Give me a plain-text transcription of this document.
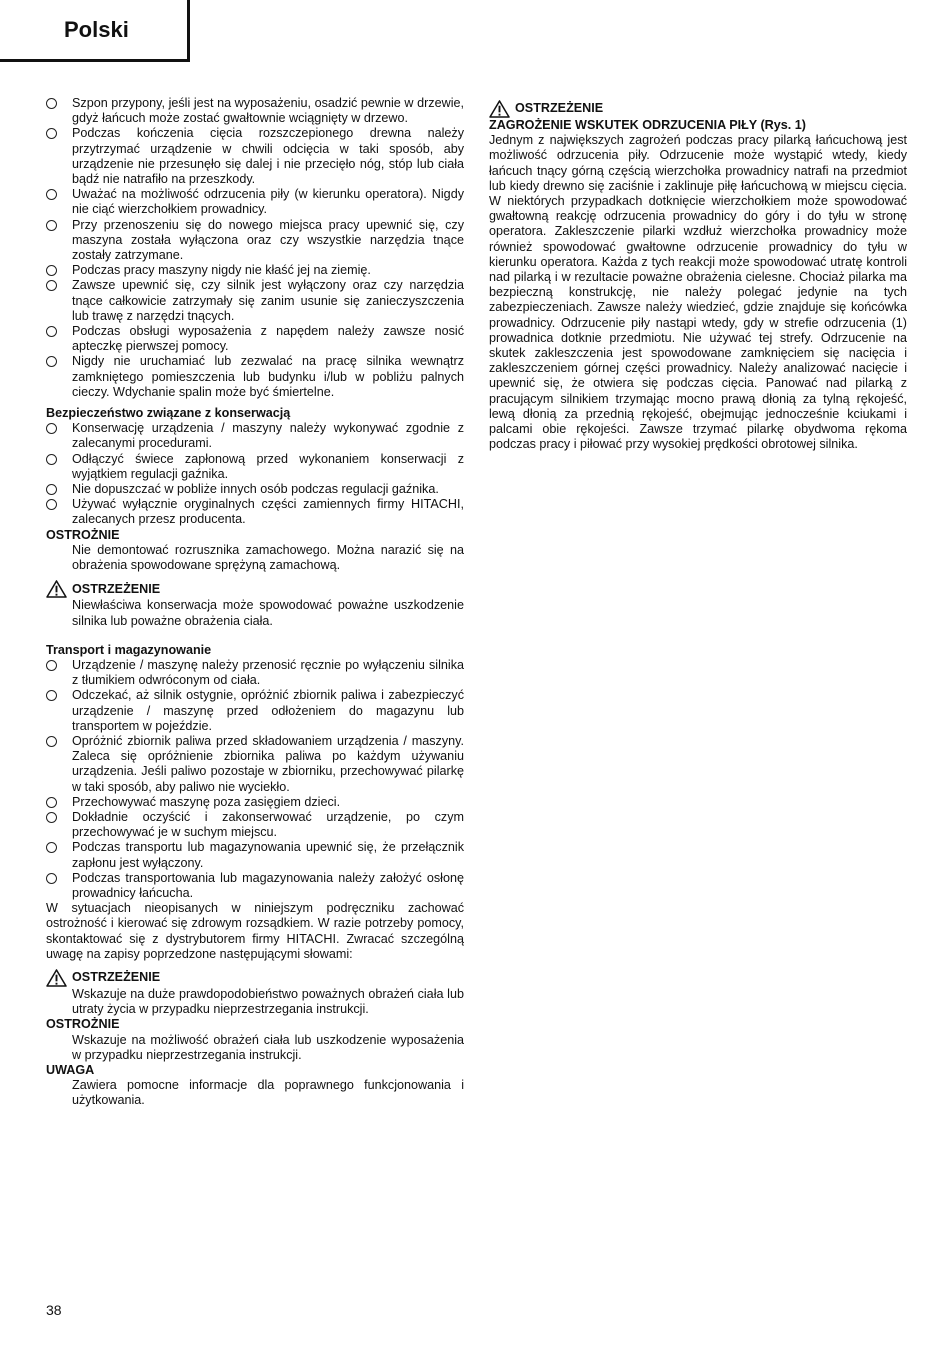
Polski
Szpon przypony, jeśli jest na wyposażeniu, osadzić pewnie w drzewie, gdyż łańcuch może zostać gwałtownie wciągnięty w drzewo.
Podczas kończenia cięcia rozszczepionego drewna należy przytrzymać urządzenie w chwili odcięcia w taki sposób, aby urządzenie nie przesunęło się dalej i nie przecięło nóg, stóp lub ciała bądź nie natrafiło na przeszkody.
Uważać na możliwość odrzucenia piły (w kierunku operatora). Nigdy nie ciąć wierzchołkiem prowadnicy.
Przy przenoszeniu się do nowego miejsca pracy upewnić się, czy maszyna została wyłączona oraz czy wszystkie narzędzia tnące zostały zatrzymane.
Podczas pracy maszyny nigdy nie kłaść jej na ziemię.
Zawsze upewnić się, czy silnik jest wyłączony oraz czy narzędzia tnące całkowicie zatrzymały się zanim usunie się zanieczyszczenia lub trawę z narzędzi tnących.
Podczas obsługi wyposażenia z napędem należy zawsze nosić apteczkę pierwszej pomocy.
Nigdy nie uruchamiać lub zezwalać na pracę silnika wewnątrz zamkniętego pomieszczenia lub budynku i/lub w pobliżu palnych cieczy. Wdychanie spalin może być śmiertelne.
Bezpieczeństwo związane z konserwacją
Konserwację urządzenia / maszyny należy wykonywać zgodnie z zalecanymi procedurami.
Odłączyć świece zapłonową przed wykonaniem konserwacji z wyjątkiem regulacji gaźnika.
Nie dopuszczać w pobliże innych osób podczas regulacji gaźnika.
Używać wyłącznie oryginalnych części zamiennych firmy HITACHI, zalecanych przesz producenta.
OSTROŻNIE
Nie demontować rozrusznika zamachowego. Można narazić się na obrażenia spowodowane sprężyną zamachową.
OSTRZEŻENIE
Niewłaściwa konserwacja może spowodować poważne uszkodzenie silnika lub poważne obrażenia ciała.
Transport i magazynowanie
Urządzenie / maszynę należy przenosić ręcznie po wyłączeniu silnika z tłumikiem odwróconym od ciała.
Odczekać, aż silnik ostygnie, opróżnić zbiornik paliwa i zabezpieczyć urządzenie / maszynę przed odłożeniem do magazynu lub transportem w pojeździe.
Opróżnić zbiornik paliwa przed składowaniem urządzenia / maszyny. Zaleca się opróżnienie zbiornika paliwa po każdym używaniu urządzenia. Jeśli paliwo pozostaje w zbiorniku, przechowywać pilarkę w taki sposób, aby paliwo nie wyciekło.
Przechowywać maszynę poza zasięgiem dzieci.
Dokładnie oczyścić i zakonserwować urządzenie, po czym przechowywać je w suchym miejscu.
Podczas transportu lub magazynowania upewnić się, że przełącznik zapłonu jest wyłączony.
Podczas transportowania lub magazynowania należy założyć osłonę prowadnicy łańcucha.
W sytuacjach nieopisanych w niniejszym podręczniku zachować ostrożność i kierować się zdrowym rozsądkiem. W razie potrzeby pomocy, skontaktować się z dystrybutorem firmy HITACHI. Zwracać szczególną uwagę na zapisy poprzedzone następującymi słowami:
OSTRZEŻENIE
Wskazuje na duże prawdopodobieństwo poważnych obrażeń ciała lub utraty życia w przypadku nieprzestrzegania instrukcji.
OSTROŻNIE
Wskazuje na możliwość obrażeń ciała lub uszkodzenie wyposażenia w przypadku nieprzestrzegania instrukcji.
UWAGA
Zawiera pomocne informacje dla poprawnego funkcjonowania i użytkowania.
OSTRZEŻENIE
ZAGROŻENIE WSKUTEK ODRZUCENIA PIŁY (Rys. 1)
Jednym z największych zagrożeń podczas pracy pilarką łańcuchową jest możliwość odrzucenia piły. Odrzucenie może wystąpić wtedy, kiedy łańcuch tnący górną częścią wierzchołka prowadnicy natrafi na przedmiot lub kiedy drewno się zaciśnie i zaklinuje piłę łańcuchową w miejscu cięcia. W niektórych przypadkach dotknięcie wierzchołkiem może spowodować gwałtowną reakcję odrzucenia prowadnicy do góry i do tyłu w stronę operatora. Zakleszczenie pilarki wzdłuż wierzchołka prowadnicy może również spowodować gwałtowne odrzucenie prowadnicy do tyłu w kierunku operatora. Każda z tych reakcji może spowodować utratę kontroli nad pilarką i w rezultacie poważne obrażenia cielesne. Chociaż pilarka ma bezpieczną konstrukcję, nie należy polegać jedynie na tych zabezpieczeniach. Zawsze należy wiedzieć, gdzie znajduje się końcówka prowadnicy. Odrzucenie piły nastąpi wtedy, gdy w strefie odrzucenia (1) prowadnica dotknie przedmiotu. Nie używać tej strefy. Odrzucenie na skutek zakleszczenia jest spowodowane zamknięciem się nacięcia i zakleszczeniem górnej części prowadnicy. Należy analizować nacięcie i upewnić się, że otwiera się podczas cięcia. Panować nad pilarką z pracującym silnikiem trzymając mocno prawą dłonią za tylną rękojeść, lewą dłonią za przednią rękojeść, obejmując jednocześnie kciukami i palcami obie rękojeści. Zawsze trzymać pilarkę obydwoma rękoma podczas pracy i piłować przy wysokiej prędkości obrotowej silnika.
38
